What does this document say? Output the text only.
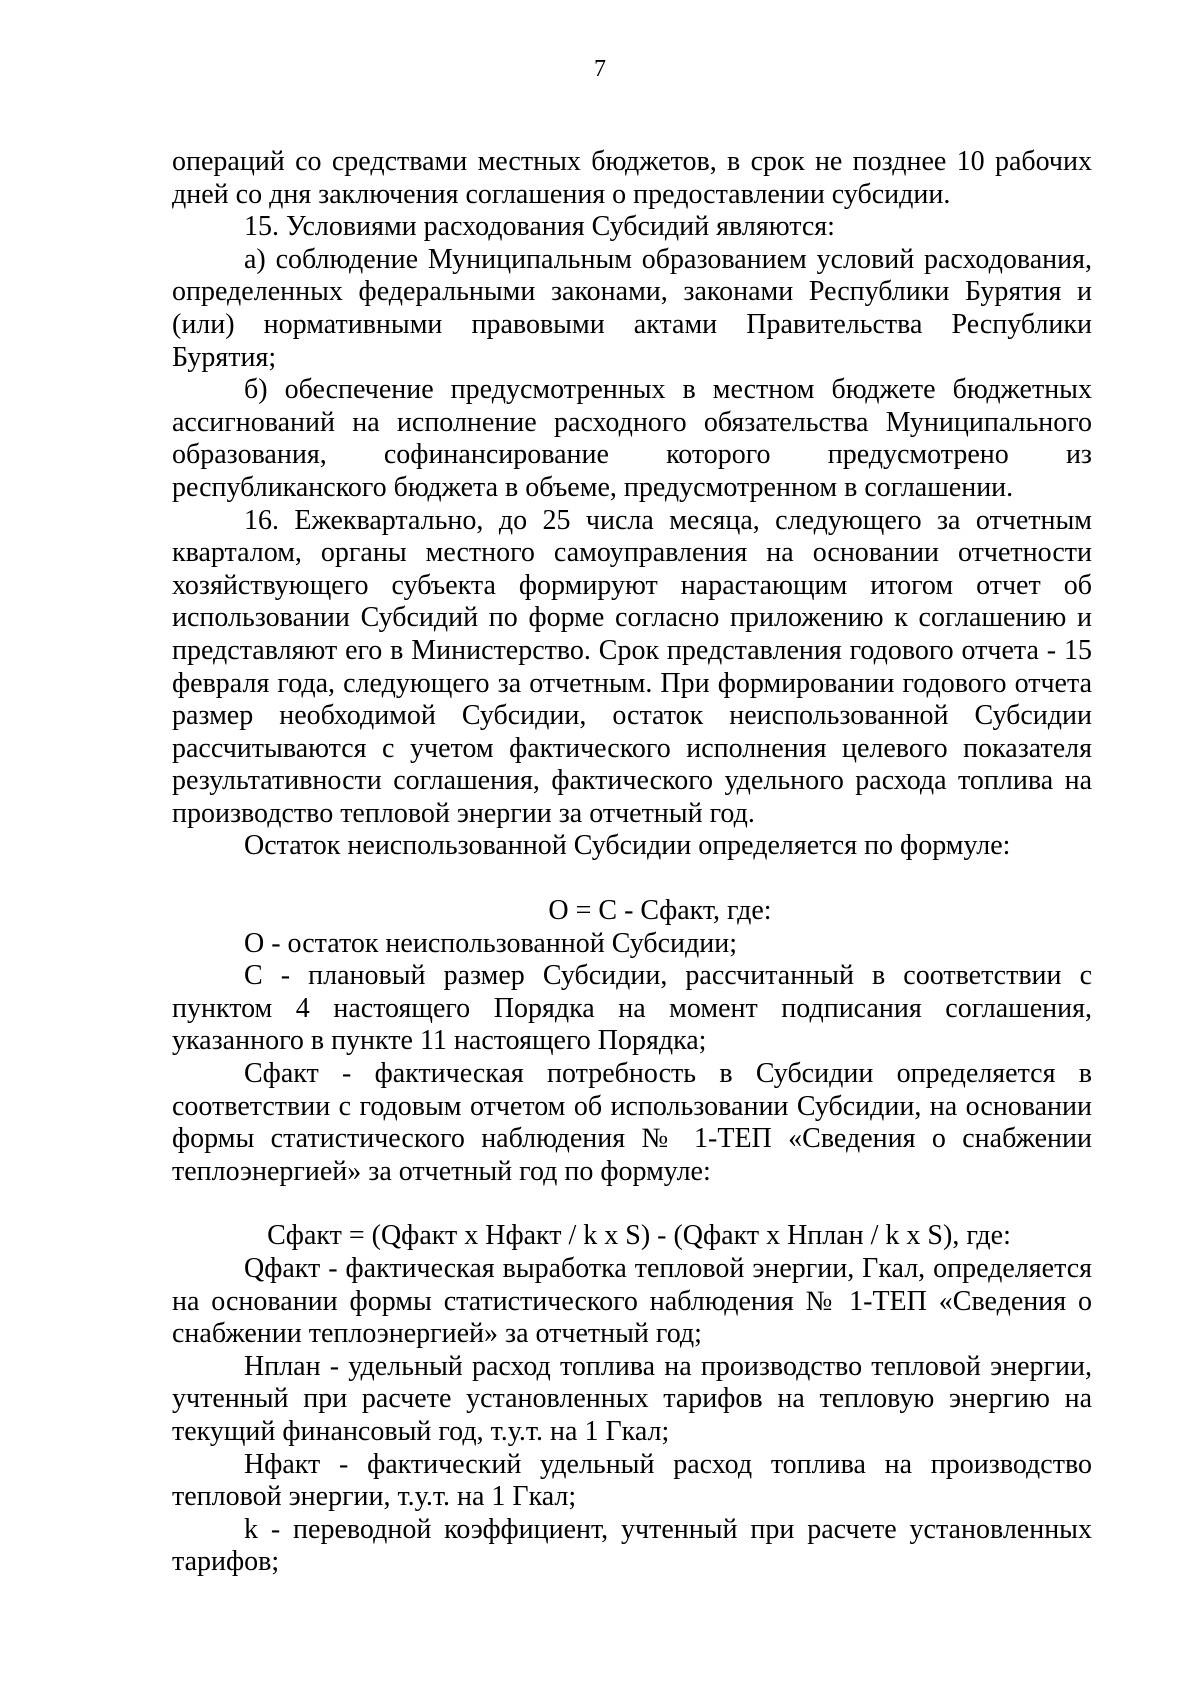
7

операций со средствами местных бюджетов, в срок не позднее 10 рабочих дней со дня заключения соглашения о предоставлении субсидии.

15. Условиями расходования Субсидий являются:

а) соблюдение Муниципальным образованием условий расходования, определенных федеральными законами, законами Республики Бурятия и (или) нормативными правовыми актами Правительства Республики Бурятия;

б) обеспечение предусмотренных в местном бюджете бюджетных ассигнований на исполнение расходного обязательства Муниципального образования, софинансирование которого предусмотрено из республиканского бюджета в объеме, предусмотренном в соглашении.

16. Ежеквартально, до 25 числа месяца, следующего за отчетным кварталом, органы местного самоуправления на основании отчетности хозяйствующего субъекта формируют нарастающим итогом отчет об использовании Субсидий по форме согласно приложению к соглашению и представляют его в Министерство. Срок представления годового отчета - 15 февраля года, следующего за отчетным. При формировании годового отчета размер необходимой Субсидии, остаток неиспользованной Субсидии рассчитываются с учетом фактического исполнения целевого показателя результативности соглашения, фактического удельного расхода топлива на производство тепловой энергии за отчетный год.

Остаток неиспользованной Субсидии определяется по формуле:

О = С - Сфакт, где:

О - остаток неиспользованной Субсидии;

С - плановый размер Субсидии, рассчитанный в соответствии с пунктом 4 настоящего Порядка на момент подписания соглашения, указанного в пункте 11 настоящего Порядка;

Сфакт - фактическая потребность в Субсидии определяется в соответствии с годовым отчетом об использовании Субсидии, на основании формы статистического наблюдения № 1-ТЕП «Сведения о снабжении теплоэнергией» за отчетный год по формуле:

Сфакт = (Qфакт x Нфакт / k x S) - (Qфакт x Нплан / k x S), где:

Qфакт - фактическая выработка тепловой энергии, Гкал, определяется на основании формы статистического наблюдения № 1-ТЕП «Сведения о снабжении теплоэнергией» за отчетный год;

Нплан - удельный расход топлива на производство тепловой энергии, учтенный при расчете установленных тарифов на тепловую энергию на текущий финансовый год, т.у.т. на 1 Гкал;

Нфакт - фактический удельный расход топлива на производство тепловой энергии, т.у.т. на 1 Гкал;

k - переводной коэффициент, учтенный при расчете установленных тарифов;
